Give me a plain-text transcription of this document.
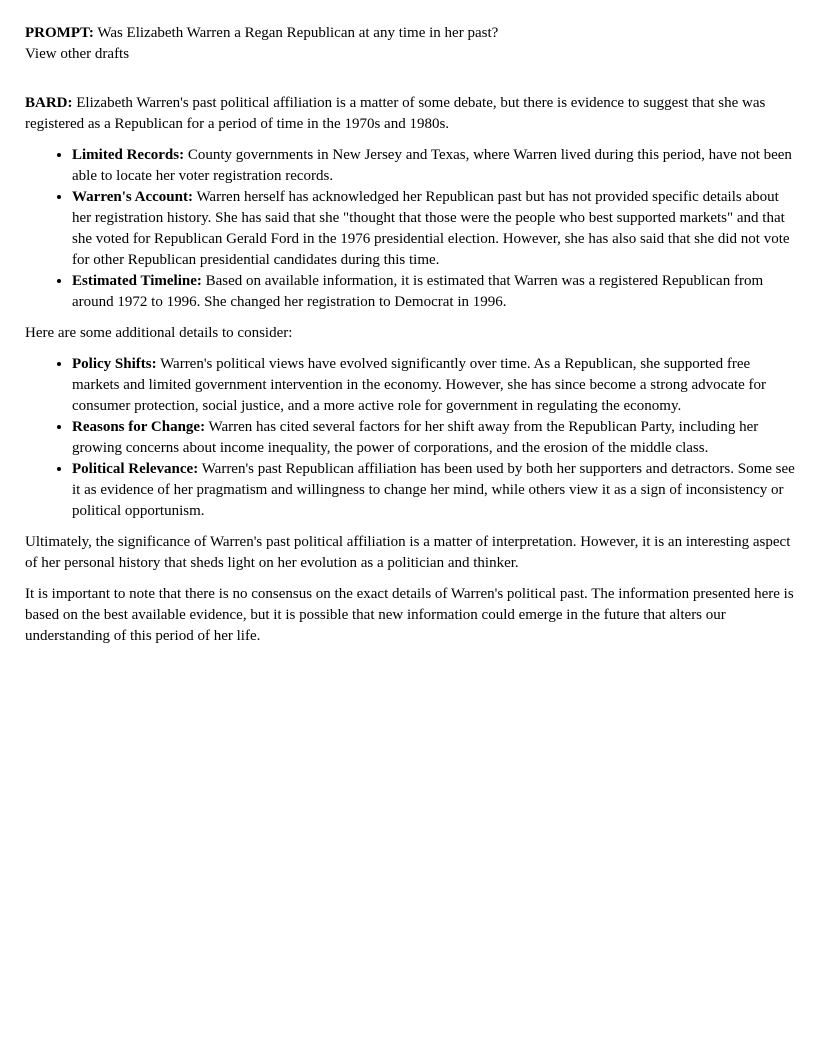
PROMPT: Was Elizabeth Warren a Regan Republican at any time in her past?
View other drafts

BARD: Elizabeth Warren's past political affiliation is a matter of some debate, but there is evidence to suggest that she was registered as a Republican for a period of time in the 1970s and 1980s.

• Limited Records: County governments in New Jersey and Texas, where Warren lived during this period, have not been able to locate her voter registration records.
• Warren's Account: Warren herself has acknowledged her Republican past but has not provided specific details about her registration history. She has said that she "thought that those were the people who best supported markets" and that she voted for Republican Gerald Ford in the 1976 presidential election. However, she has also said that she did not vote for other Republican presidential candidates during this time.
• Estimated Timeline: Based on available information, it is estimated that Warren was a registered Republican from around 1972 to 1996. She changed her registration to Democrat in 1996.

Here are some additional details to consider:

• Policy Shifts: Warren's political views have evolved significantly over time. As a Republican, she supported free markets and limited government intervention in the economy. However, she has since become a strong advocate for consumer protection, social justice, and a more active role for government in regulating the economy.
• Reasons for Change: Warren has cited several factors for her shift away from the Republican Party, including her growing concerns about income inequality, the power of corporations, and the erosion of the middle class.
• Political Relevance: Warren's past Republican affiliation has been used by both her supporters and detractors. Some see it as evidence of her pragmatism and willingness to change her mind, while others view it as a sign of inconsistency or political opportunism.

Ultimately, the significance of Warren's past political affiliation is a matter of interpretation. However, it is an interesting aspect of her personal history that sheds light on her evolution as a politician and thinker.

It is important to note that there is no consensus on the exact details of Warren's political past. The information presented here is based on the best available evidence, but it is possible that new information could emerge in the future that alters our understanding of this period of her life.
